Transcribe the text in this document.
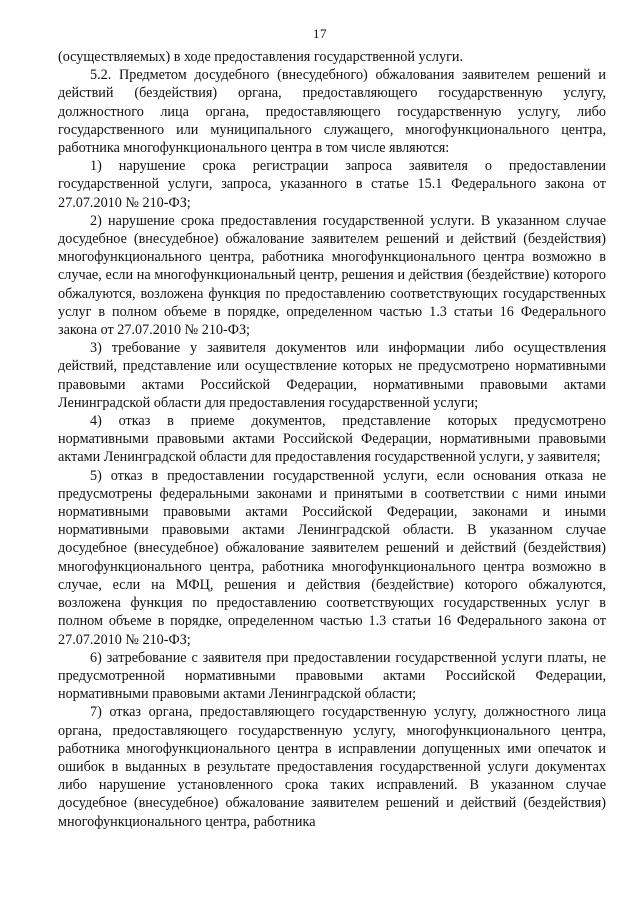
17

(осуществляемых) в ходе предоставления государственной услуги.

5.2. Предметом досудебного (внесудебного) обжалования заявителем решений и действий (бездействия) органа, предоставляющего государственную услугу, должностного лица органа, предоставляющего государственную услугу, либо государственного или муниципального служащего, многофункционального центра, работника многофункционального центра в том числе являются:

1) нарушение срока регистрации запроса заявителя о предоставлении государственной услуги, запроса, указанного в статье 15.1 Федерального закона от 27.07.2010 № 210-ФЗ;

2) нарушение срока предоставления государственной услуги. В указанном случае досудебное (внесудебное) обжалование заявителем решений и действий (бездействия) многофункционального центра, работника многофункционального центра возможно в случае, если на многофункциональный центр, решения и действия (бездействие) которого обжалуются, возложена функция по предоставлению соответствующих государственных услуг в полном объеме в порядке, определенном частью 1.3 статьи 16 Федерального закона от 27.07.2010 № 210-ФЗ;

3) требование у заявителя документов или информации либо осуществления действий, представление или осуществление которых не предусмотрено нормативными правовыми актами Российской Федерации, нормативными правовыми актами Ленинградской области для предоставления государственной услуги;

4) отказ в приеме документов, представление которых предусмотрено нормативными правовыми актами Российской Федерации, нормативными правовыми актами Ленинградской области для предоставления государственной услуги, у заявителя;

5) отказ в предоставлении государственной услуги, если основания отказа не предусмотрены федеральными законами и принятыми в соответствии с ними иными нормативными правовыми актами Российской Федерации, законами и иными нормативными правовыми актами Ленинградской области. В указанном случае досудебное (внесудебное) обжалование заявителем решений и действий (бездействия) многофункционального центра, работника многофункционального центра возможно в случае, если на МФЦ, решения и действия (бездействие) которого обжалуются, возложена функция по предоставлению соответствующих государственных услуг в полном объеме в порядке, определенном частью 1.3 статьи 16 Федерального закона от 27.07.2010 № 210-ФЗ;

6) затребование с заявителя при предоставлении государственной услуги платы, не предусмотренной нормативными правовыми актами Российской Федерации, нормативными правовыми актами Ленинградской области;

7) отказ органа, предоставляющего государственную услугу, должностного лица органа, предоставляющего государственную услугу, многофункционального центра, работника многофункционального центра в исправлении допущенных ими опечаток и ошибок в выданных в результате предоставления государственной услуги документах либо нарушение установленного срока таких исправлений. В указанном случае досудебное (внесудебное) обжалование заявителем решений и действий (бездействия) многофункционального центра, работника
